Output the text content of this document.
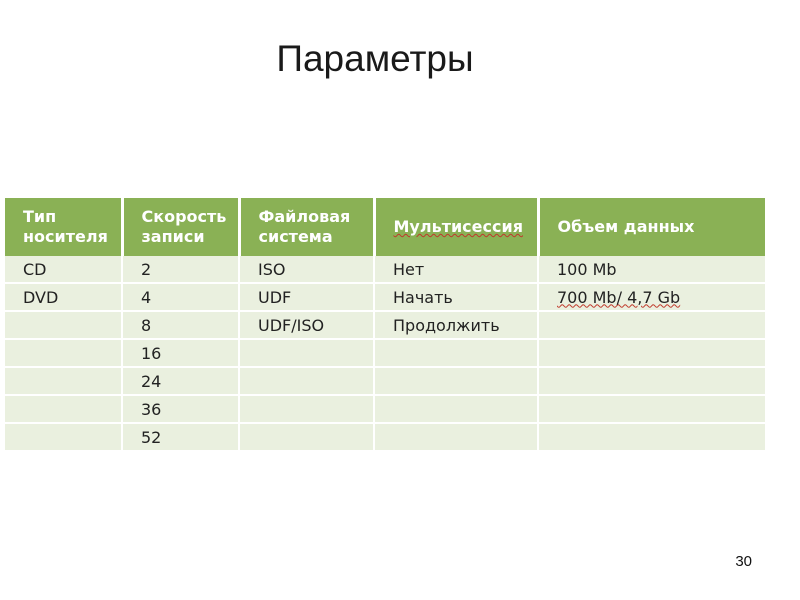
Параметры
Тип носителя	Скорость записи	Файловая система	Мультисессия	Объем данных
CD	2	ISO	Нет	100 Mb
DVD	4	UDF	Начать	700 Mb/ 4,7 Gb
	8	UDF/ISO	Продолжить	
	16			
	24			
	36			
	52			
30
